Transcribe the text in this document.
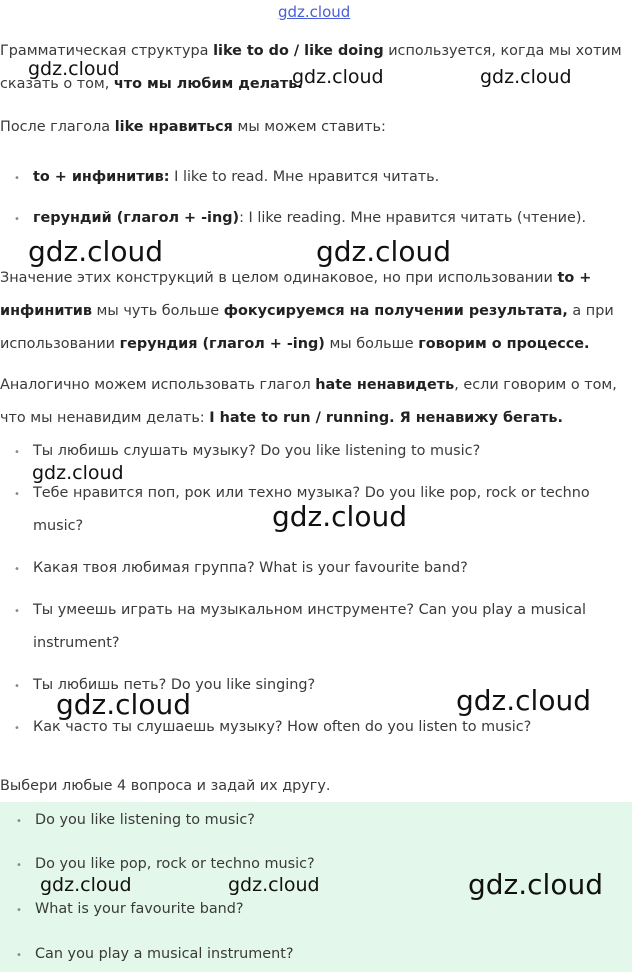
gdz.cloud

Грамматическая структура like to do / like doing используется, когда мы хотим
сказать о том, что мы любим делать.

После глагола like нравиться мы можем ставить:

• to + инфинитив: I like to read. Мне нравится читать.
• герундий (глагол + -ing): I like reading. Мне нравится читать (чтение).

Значение этих конструкций в целом одинаковое, но при использовании to +
инфинитив мы чуть больше фокусируемся на получении результата, а при
использовании герундия (глагол + -ing) мы больше говорим о процессе.

Аналогично можем использовать глагол hate ненавидеть, если говорим о том,
что мы ненавидим делать: I hate to run / running. Я ненавижу бегать.

• Ты любишь слушать музыку? Do you like listening to music?
• Тебе нравится поп, рок или техно музыка? Do you like pop, rock or techno
music?
• Какая твоя любимая группа? What is your favourite band?
• Ты умеешь играть на музыкальном инструменте? Can you play a musical
instrument?
• Ты любишь петь? Do you like singing?
• Как часто ты слушаешь музыку? How often do you listen to music?

Выбери любые 4 вопроса и задай их другу.

• Do you like listening to music?
• Do you like pop, rock or techno music?
• What is your favourite band?
• Can you play a musical instrument?
gdz.cloud	gdz.cloud	gdz.cloud
gdz.cloud	gdz.cloud
gdz.cloud
gdz.cloud
gdz.cloud
gdz.cloud
gdz.cloud	gdz.cloud	gdz.cloud
